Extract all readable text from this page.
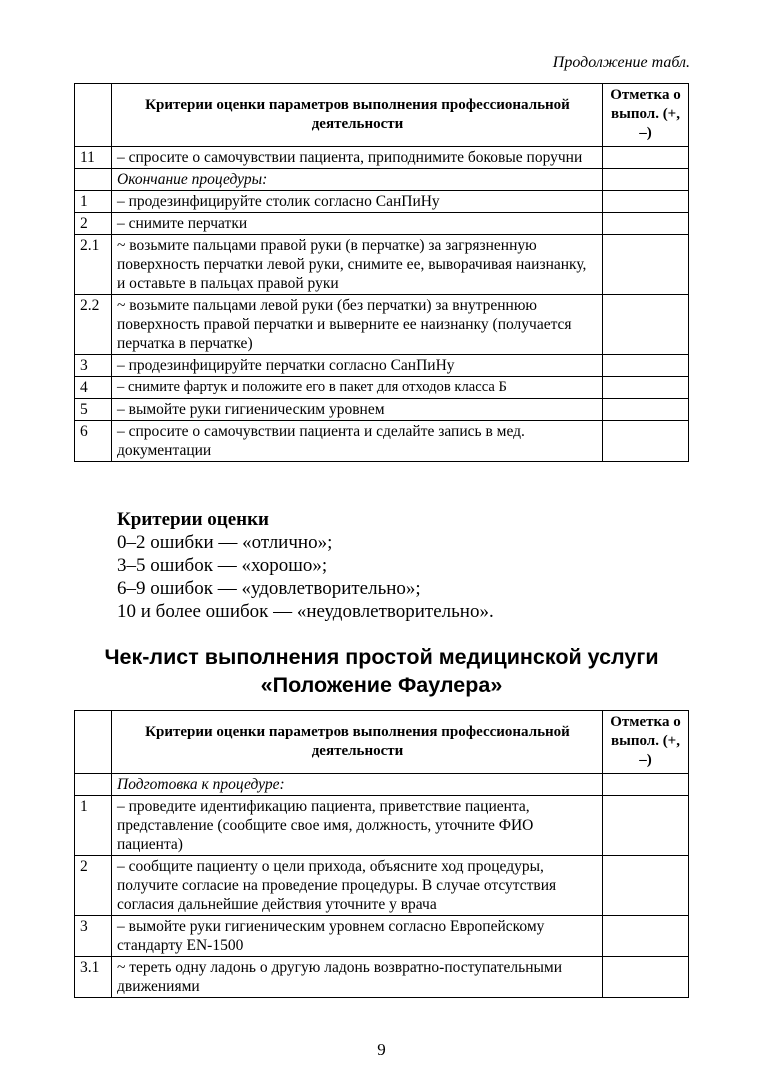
Продолжение табл.
	Критерии оценки параметров выполнения профессиональной деятельности	Отметка о выпол. (+, –)
11	– спросите о самочувствии пациента, приподнимите боковые поручни	
	Окончание процедуры:	
1	– продезинфицируйте столик согласно СанПиНу	
2	– снимите перчатки	
2.1	~ возьмите пальцами правой руки (в перчатке) за загрязненную поверхность перчатки левой руки, снимите ее, выворачивая наизнанку, и оставьте в пальцах правой руки	
2.2	~ возьмите пальцами левой руки (без перчатки) за внутреннюю поверхность правой перчатки и выверните ее наизнанку (получается перчатка в перчатке)	
3	– продезинфицируйте перчатки согласно СанПиНу	
4	– снимите фартук и положите его в пакет для отходов класса Б	
5	– вымойте руки гигиеническим уровнем	
6	– спросите о самочувствии пациента и сделайте запись в мед. документации	
Критерии оценки
0–2 ошибки — «отлично»;
3–5 ошибок — «хорошо»;
6–9 ошибок — «удовлетворительно»;
10 и более ошибок — «неудовлетворительно».
Чек-лист выполнения простой медицинской услуги
«Положение Фаулера»
	Критерии оценки параметров выполнения профессиональной деятельности	Отметка о выпол. (+, –)
	Подготовка к процедуре:	
1	– проведите идентификацию пациента, приветствие пациента, представление (сообщите свое имя, должность, уточните ФИО пациента)	
2	– сообщите пациенту о цели прихода, объясните ход процедуры, получите согласие на проведение процедуры. В случае отсутствия согласия дальнейшие действия уточните у врача	
3	– вымойте руки гигиеническим уровнем согласно Европейскому стандарту EN-1500	
3.1	~ тереть одну ладонь о другую ладонь возвратно-поступательными движениями	
9
